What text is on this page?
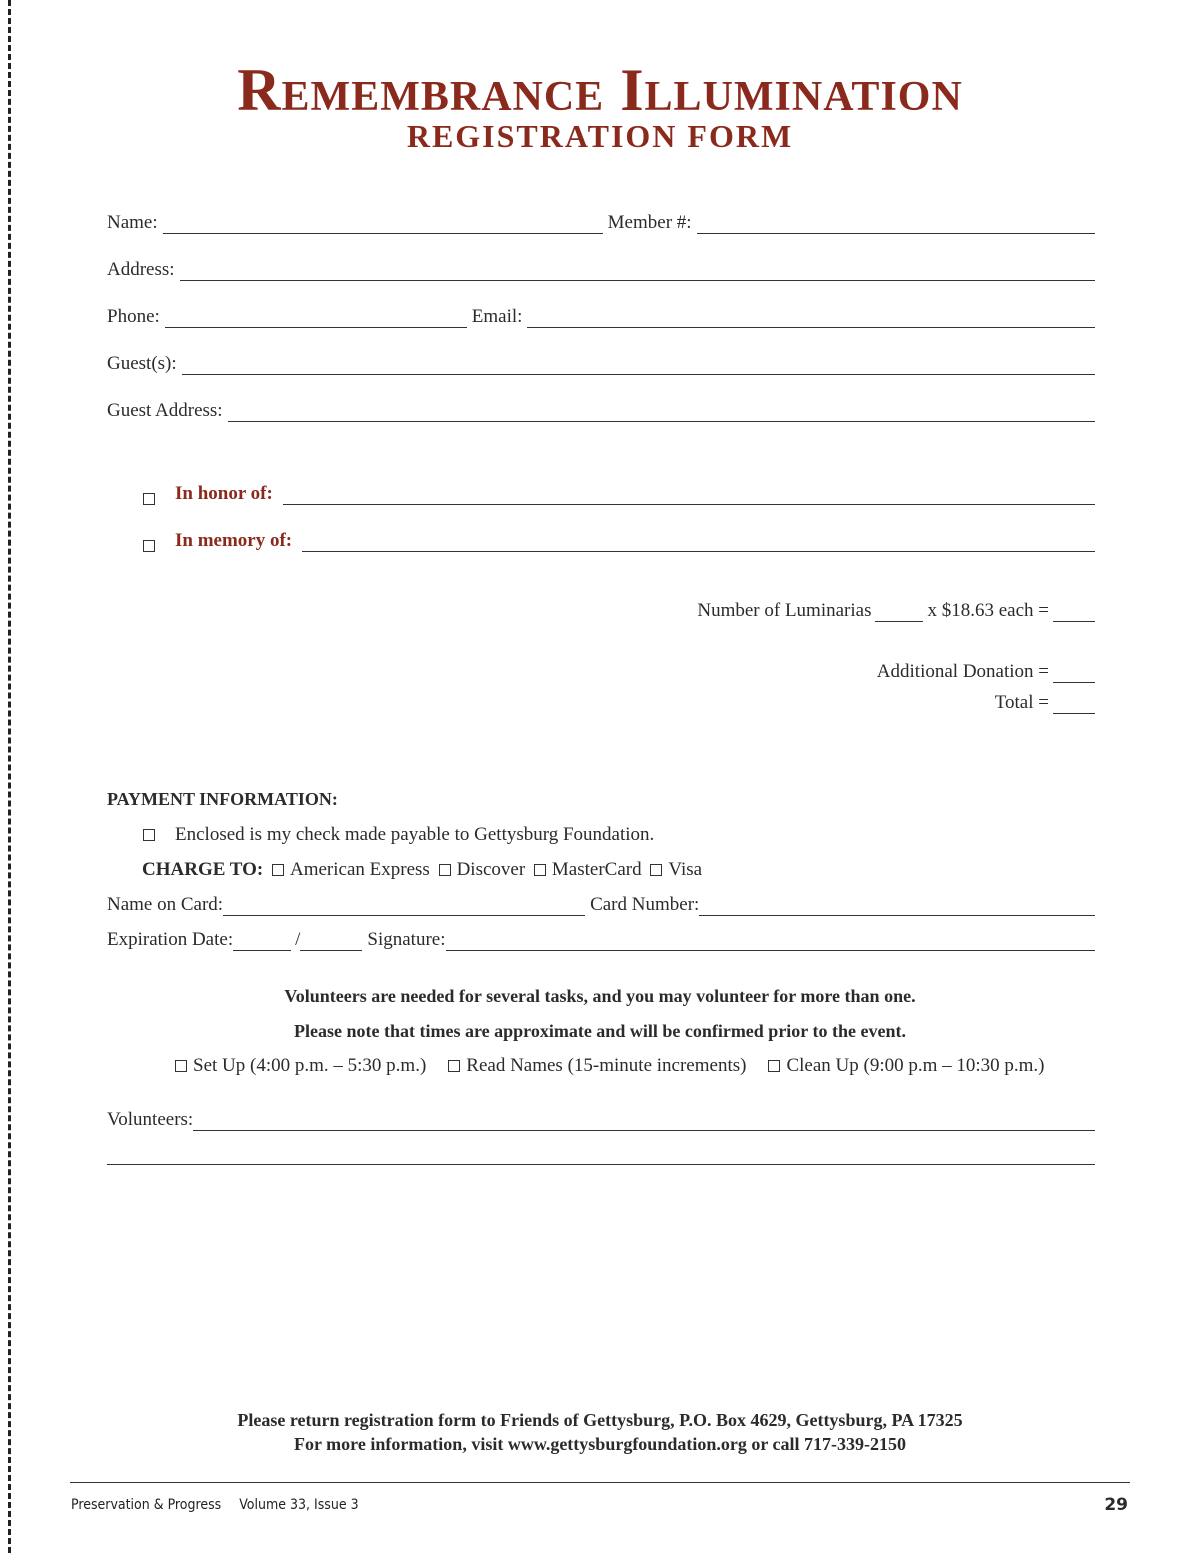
Remembrance Illumination
REGISTRATION FORM
Name:	Member #:
Address:
Phone:	Email:
Guest(s):
Guest Address:
In honor of:
In memory of:
Number of Luminarias	x $18.63 each =
Additional Donation =
Total =
PAYMENT INFORMATION:
Enclosed is my check made payable to Gettysburg Foundation.
CHARGE TO: American Express Discover MasterCard Visa
Name on Card:	Card Number:
Expiration Date:	/	Signature:
Volunteers are needed for several tasks, and you may volunteer for more than one.
Please note that times are approximate and will be confirmed prior to the event.
Set Up (4:00 p.m. – 5:30 p.m.)	Read Names (15-minute increments)	Clean Up (9:00 p.m – 10:30 p.m.)
Volunteers:
Please return registration form to Friends of Gettysburg, P.O. Box 4629, Gettysburg, PA 17325
For more information, visit www.gettysburgfoundation.org or call 717-339-2150
Preservation & Progress Volume 33, Issue 3	29
